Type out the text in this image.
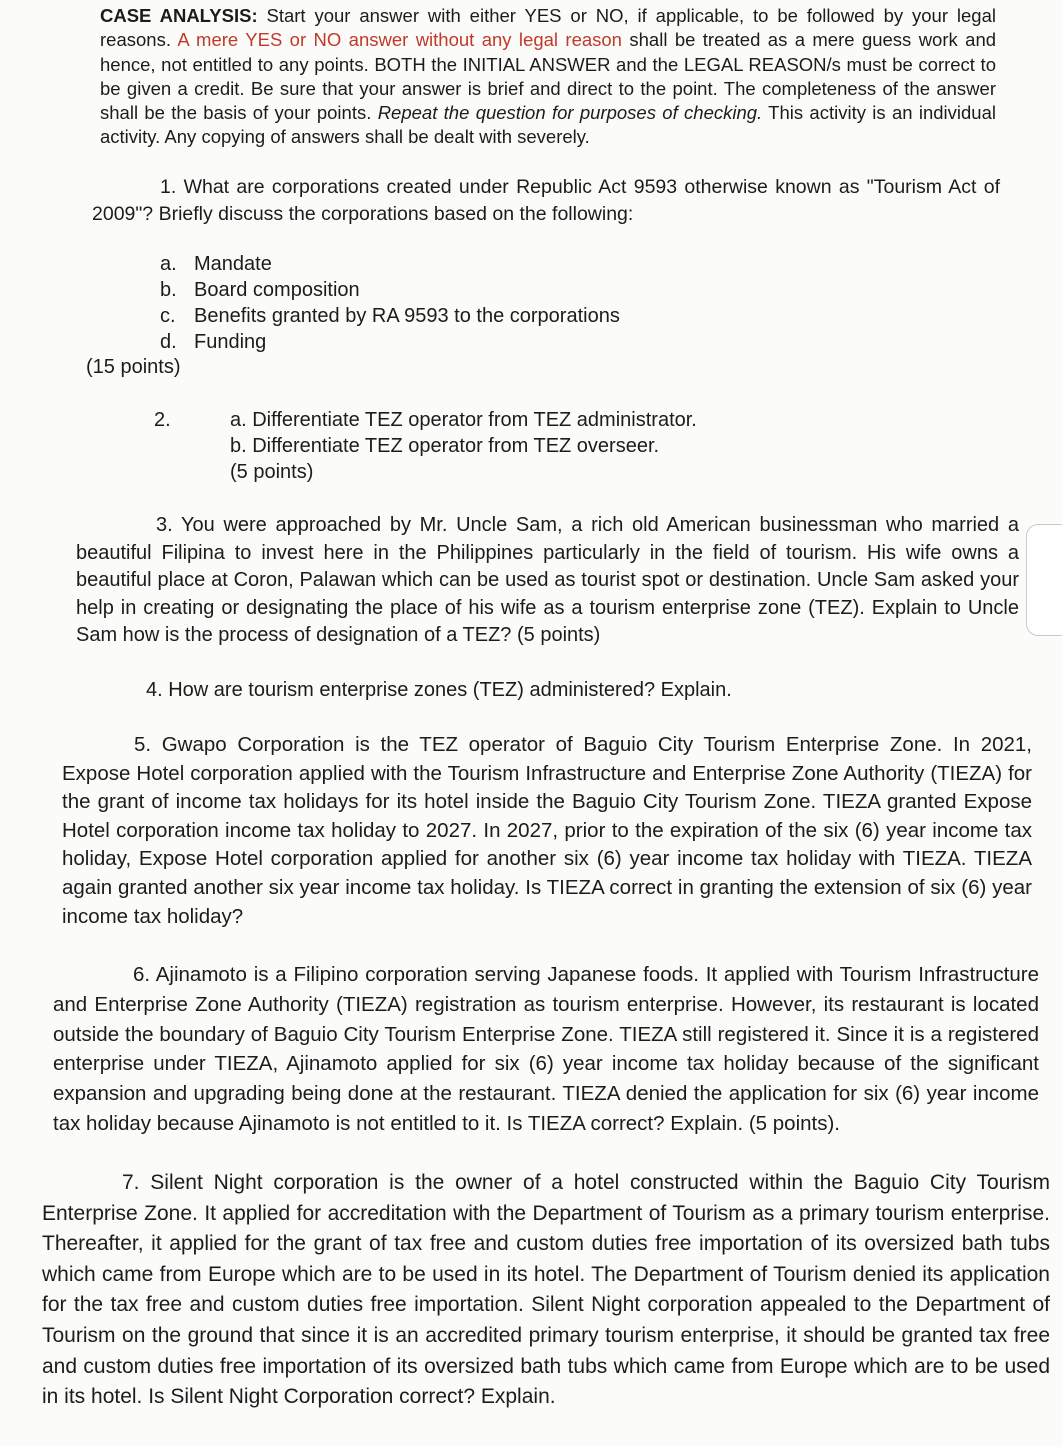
CASE ANALYSIS: Start your answer with either YES or NO, if applicable, to be followed by your legal reasons. A mere YES or NO answer without any legal reason shall be treated as a mere guess work and hence, not entitled to any points. BOTH the INITIAL ANSWER and the LEGAL REASON/s must be correct to be given a credit. Be sure that your answer is brief and direct to the point. The completeness of the answer shall be the basis of your points. Repeat the question for purposes of checking. This activity is an individual activity. Any copying of answers shall be dealt with severely.
1. What are corporations created under Republic Act 9593 otherwise known as "Tourism Act of 2009"? Briefly discuss the corporations based on the following:
a. Mandate
b. Board composition
c. Benefits granted by RA 9593 to the corporations
d. Funding
(15 points)
2.	a. Differentiate TEZ operator from TEZ administrator.
b. Differentiate TEZ operator from TEZ overseer.
(5 points)
3. You were approached by Mr. Uncle Sam, a rich old American businessman who married a beautiful Filipina to invest here in the Philippines particularly in the field of tourism. His wife owns a beautiful place at Coron, Palawan which can be used as tourist spot or destination. Uncle Sam asked your help in creating or designating the place of his wife as a tourism enterprise zone (TEZ). Explain to Uncle Sam how is the process of designation of a TEZ? (5 points)
4. How are tourism enterprise zones (TEZ) administered? Explain.
5. Gwapo Corporation is the TEZ operator of Baguio City Tourism Enterprise Zone. In 2021, Expose Hotel corporation applied with the Tourism Infrastructure and Enterprise Zone Authority (TIEZA) for the grant of income tax holidays for its hotel inside the Baguio City Tourism Zone. TIEZA granted Expose Hotel corporation income tax holiday to 2027. In 2027, prior to the expiration of the six (6) year income tax holiday, Expose Hotel corporation applied for another six (6) year income tax holiday with TIEZA. TIEZA again granted another six year income tax holiday. Is TIEZA correct in granting the extension of six (6) year income tax holiday?
6. Ajinamoto is a Filipino corporation serving Japanese foods. It applied with Tourism Infrastructure and Enterprise Zone Authority (TIEZA) registration as tourism enterprise. However, its restaurant is located outside the boundary of Baguio City Tourism Enterprise Zone. TIEZA still registered it. Since it is a registered enterprise under TIEZA, Ajinamoto applied for six (6) year income tax holiday because of the significant expansion and upgrading being done at the restaurant. TIEZA denied the application for six (6) year income tax holiday because Ajinamoto is not entitled to it. Is TIEZA correct? Explain. (5 points).
7. Silent Night corporation is the owner of a hotel constructed within the Baguio City Tourism Enterprise Zone. It applied for accreditation with the Department of Tourism as a primary tourism enterprise. Thereafter, it applied for the grant of tax free and custom duties free importation of its oversized bath tubs which came from Europe which are to be used in its hotel. The Department of Tourism denied its application for the tax free and custom duties free importation. Silent Night corporation appealed to the Department of Tourism on the ground that since it is an accredited primary tourism enterprise, it should be granted tax free and custom duties free importation of its oversized bath tubs which came from Europe which are to be used in its hotel. Is Silent Night Corporation correct? Explain.
